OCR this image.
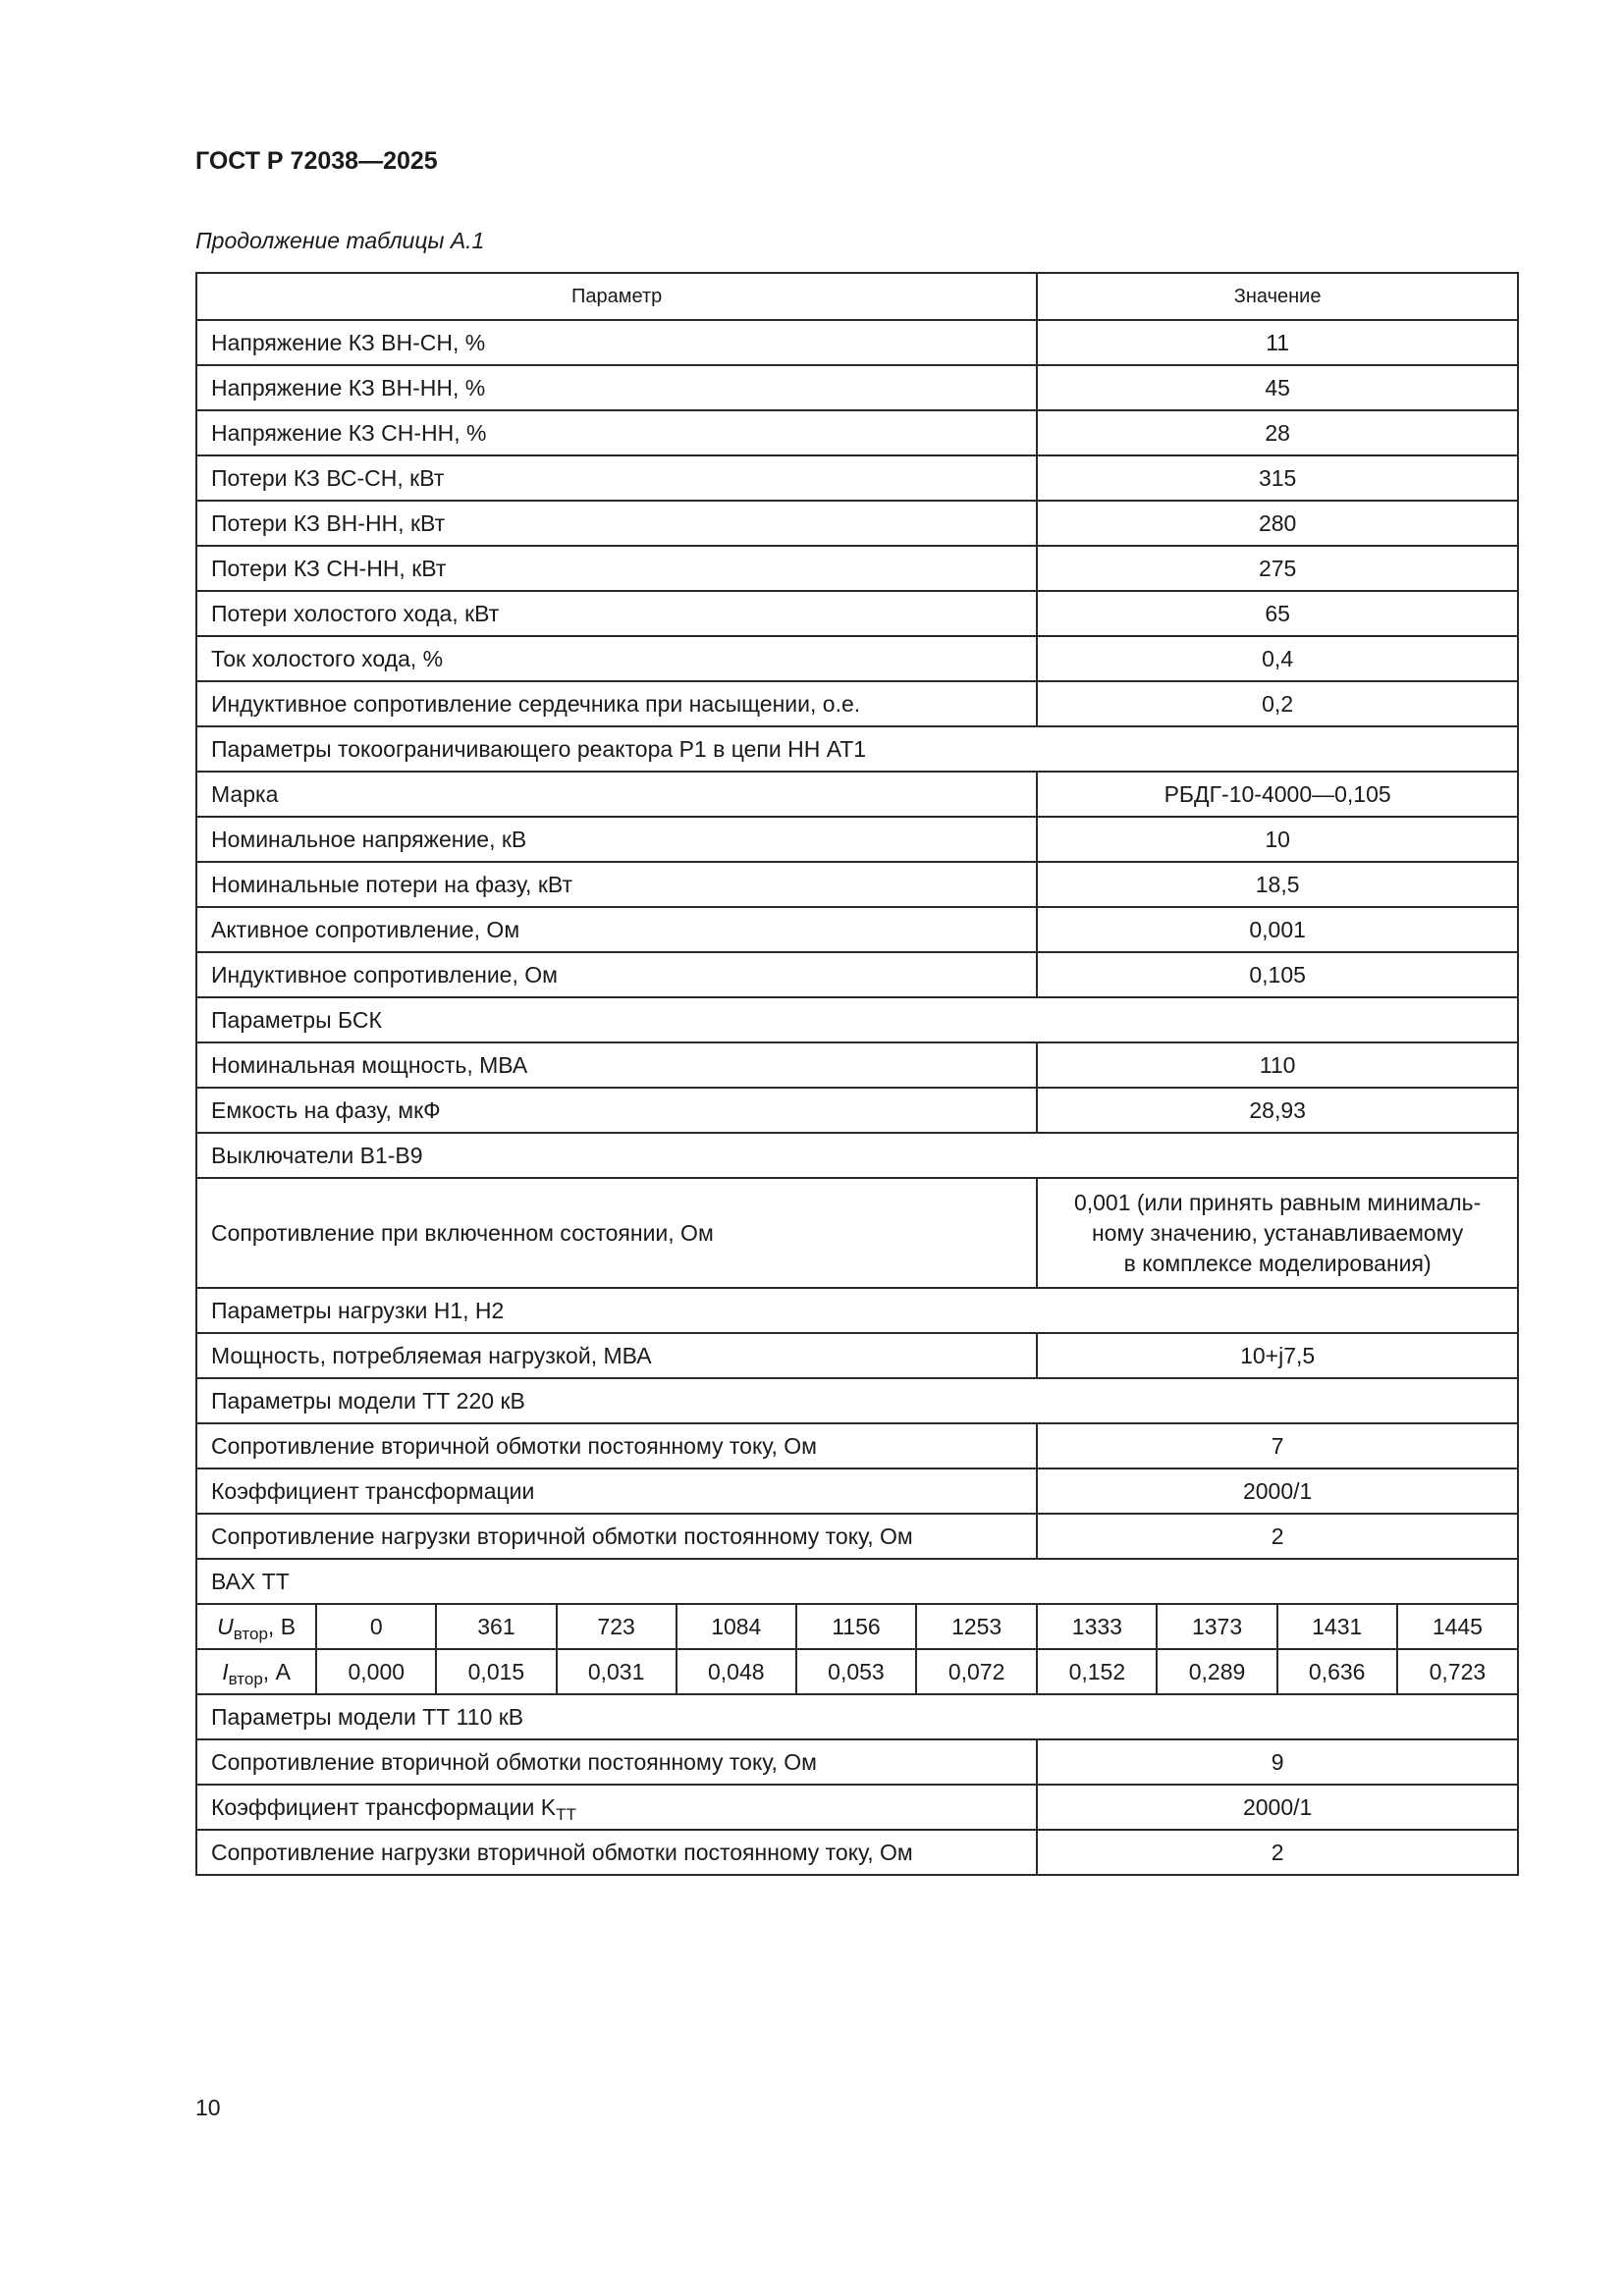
ГОСТ Р 72038—2025
Продолжение таблицы А.1
Параметр							Значение			
Напряжение КЗ ВН-СН, %							11			
Напряжение КЗ ВН-НН, %							45			
Напряжение КЗ СН-НН, %							28			
Потери КЗ ВС-СН, кВт							315			
Потери КЗ ВН-НН, кВт							280			
Потери КЗ СН-НН, кВт							275			
Потери холостого хода, кВт							65			
Ток холостого хода, %							0,4			
Индуктивное сопротивление сердечника при насыщении, о.е.							0,2			
Параметры токоограничивающего реактора Р1 в цепи НН АТ1										
Марка							РБДГ-10-4000—0,105			
Номинальное напряжение, кВ							10			
Номинальные потери на фазу, кВт							18,5			
Активное сопротивление, Ом							0,001			
Индуктивное сопротивление, Ом							0,105			
Параметры БСК										
Номинальная мощность, МВА							110			
Емкость на фазу, мкФ							28,93			
Выключатели В1-В9										
Сопротивление при включенном состоянии, Ом							0,001 (или принять равным минималь-
ному значению, устанавливаемому
в комплексе моделирования)			

Параметры нагрузки Н1, Н2										
Мощность, потребляемая нагрузкой, МВА							10+j7,5			
Параметры модели ТТ 220 кВ										
Сопротивление вторичной обмотки постоянному току, Ом							7			
Коэффициент трансформации							2000/1			
Сопротивление нагрузки вторичной обмотки постоянному току, Ом							2			
ВАХ ТТ										
$U_{втор}$, В	0	361	723	1084	1156	1253	1333	1373	1431	1445
$I_{втор}$, А	0,000	0,015	0,031	0,048	0,053	0,072	0,152	0,289	0,636	0,723
Параметры модели ТТ 110 кВ										
Сопротивление вторичной обмотки постоянному току, Ом							9			
Коэффициент трансформации $K_{ТТ}$							2000/1			
Сопротивление нагрузки вторичной обмотки постоянному току, Ом							2			
10
